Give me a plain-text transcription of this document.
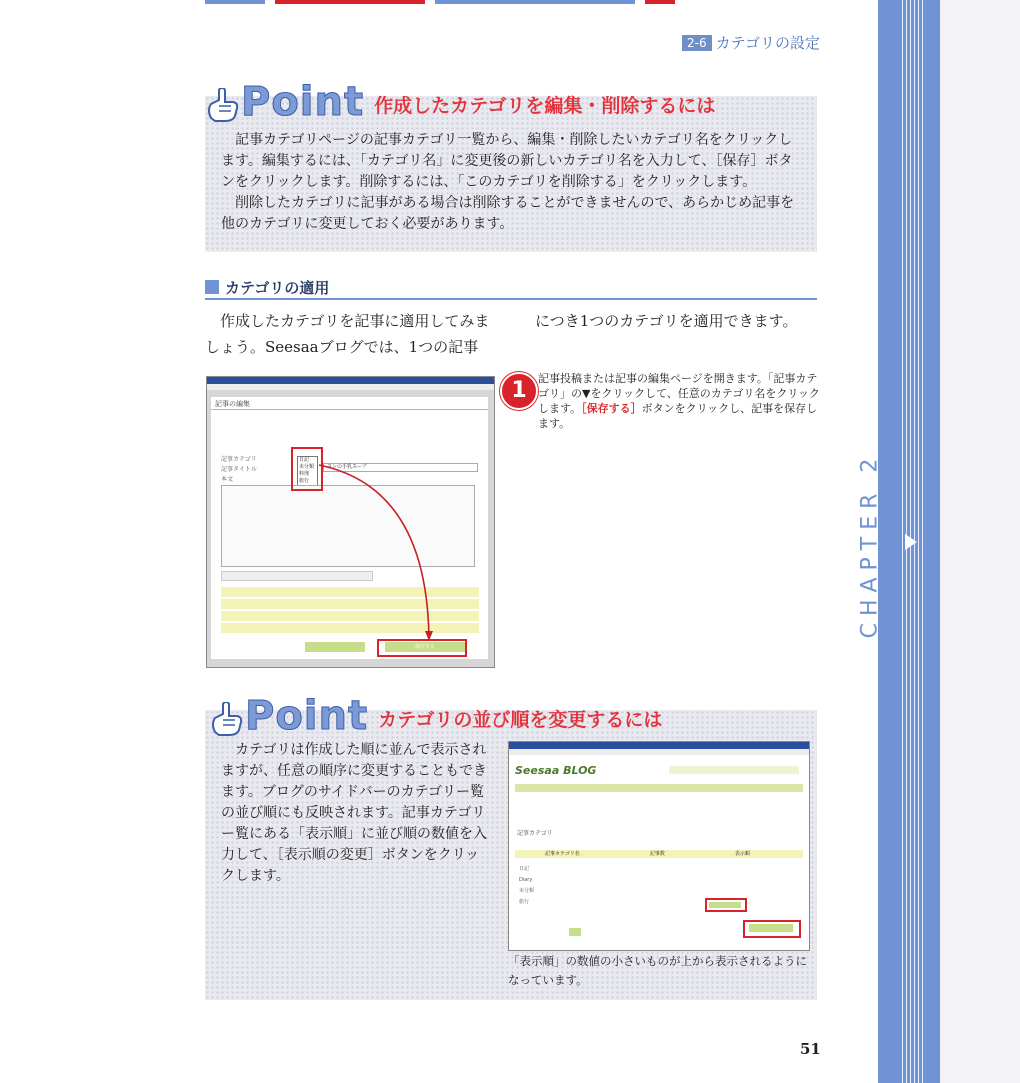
CHAPTER 2
2-6 カテゴリの設定
Point 作成したカテゴリを編集・削除するには

記事カテゴリページの記事カテゴリ一覧から、編集・削除したいカテゴリ名をクリックします。編集するには、「カテゴリ名」に変更後の新しいカテゴリ名を入力して、［保存］ボタンをクリックします。削除するには、「このカテゴリを削除する」をクリックします。

削除したカテゴリに記事がある場合は削除することができませんので、あらかじめ記事を他のカテゴリに変更しておく必要があります。

カテゴリの適用
作成したカテゴリを記事に適用してみましょう。Seesaaブログでは、1つの記事
につき1つのカテゴリを適用できます。
記事の編集
記事カテゴリ
記事タイトル
本文
日記
未分類
料理
旅行
ヨンの手乳スープ
保存する
1	記事投稿または記事の編集ページを開きます。「記事カテゴリ」の▼をクリックして、任意のカテゴリ名をクリックします。［保存する］ボタンをクリックし、記事を保存します。
Point カテゴリの並び順を変更するには
カテゴリは作成した順に並んで表示されますが、任意の順序に変更することもできます。ブログのサイドバーのカテゴリー覧の並び順にも反映されます。記事カテゴリー覧にある「表示順」に並び順の数値を入力して、［表示順の変更］ボタンをクリックします。
Seesaa BLOG
記事カテゴリ
記事カテゴリ名	記事数	表示順
日記
Diary
未分類
旅行
「表示順」の数値の小さいものが上から表示されるようになっています。
51
